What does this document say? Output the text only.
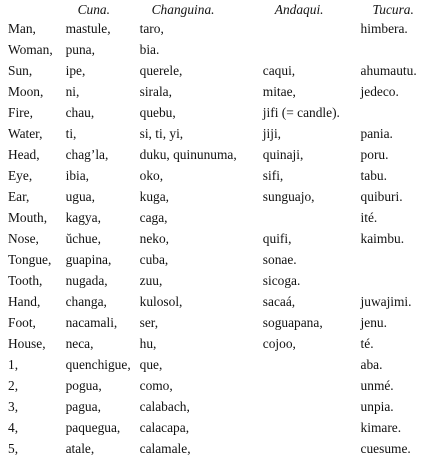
	Cuna.	Changuina.	Andaqui.	Tucura.
Man,	mastule,	taro,		himbera.
Woman,	puna,	bia.		
Sun,	ipe,	querele,	caqui,	ahumautu.
Moon,	ni,	sirala,	mitae,	jedeco.
Fire,	chau,	quebu,	jifi (= candle).	
Water,	ti,	si, ti, yi,	jiji,	pania.
Head,	chag’la,	duku, quinunuma,	quinaji,	poru.
Eye,	ibia,	oko,	sifi,	tabu.
Ear,	ugua,	kuga,	sunguajo,	quiburi.
Mouth,	kagya,	caga,		ité.
Nose,	ŭchue,	neko,	quifi,	kaimbu.
Tongue,	guapina,	cuba,	sonae.	
Tooth,	nugada,	zuu,	sicoga.	
Hand,	changa,	kulosol,	sacaá,	juwajimi.
Foot,	nacamali,	ser,	soguapana,	jenu.
House,	neca,	hu,	cojoo,	té.
1,	quenchigue,	que,		aba.
2,	pogua,	como,		unmé.
3,	pagua,	calabach,		unpia.
4,	paquegua,	calacapa,		kimare.
5,	atale,	calamale,		cuesume.
